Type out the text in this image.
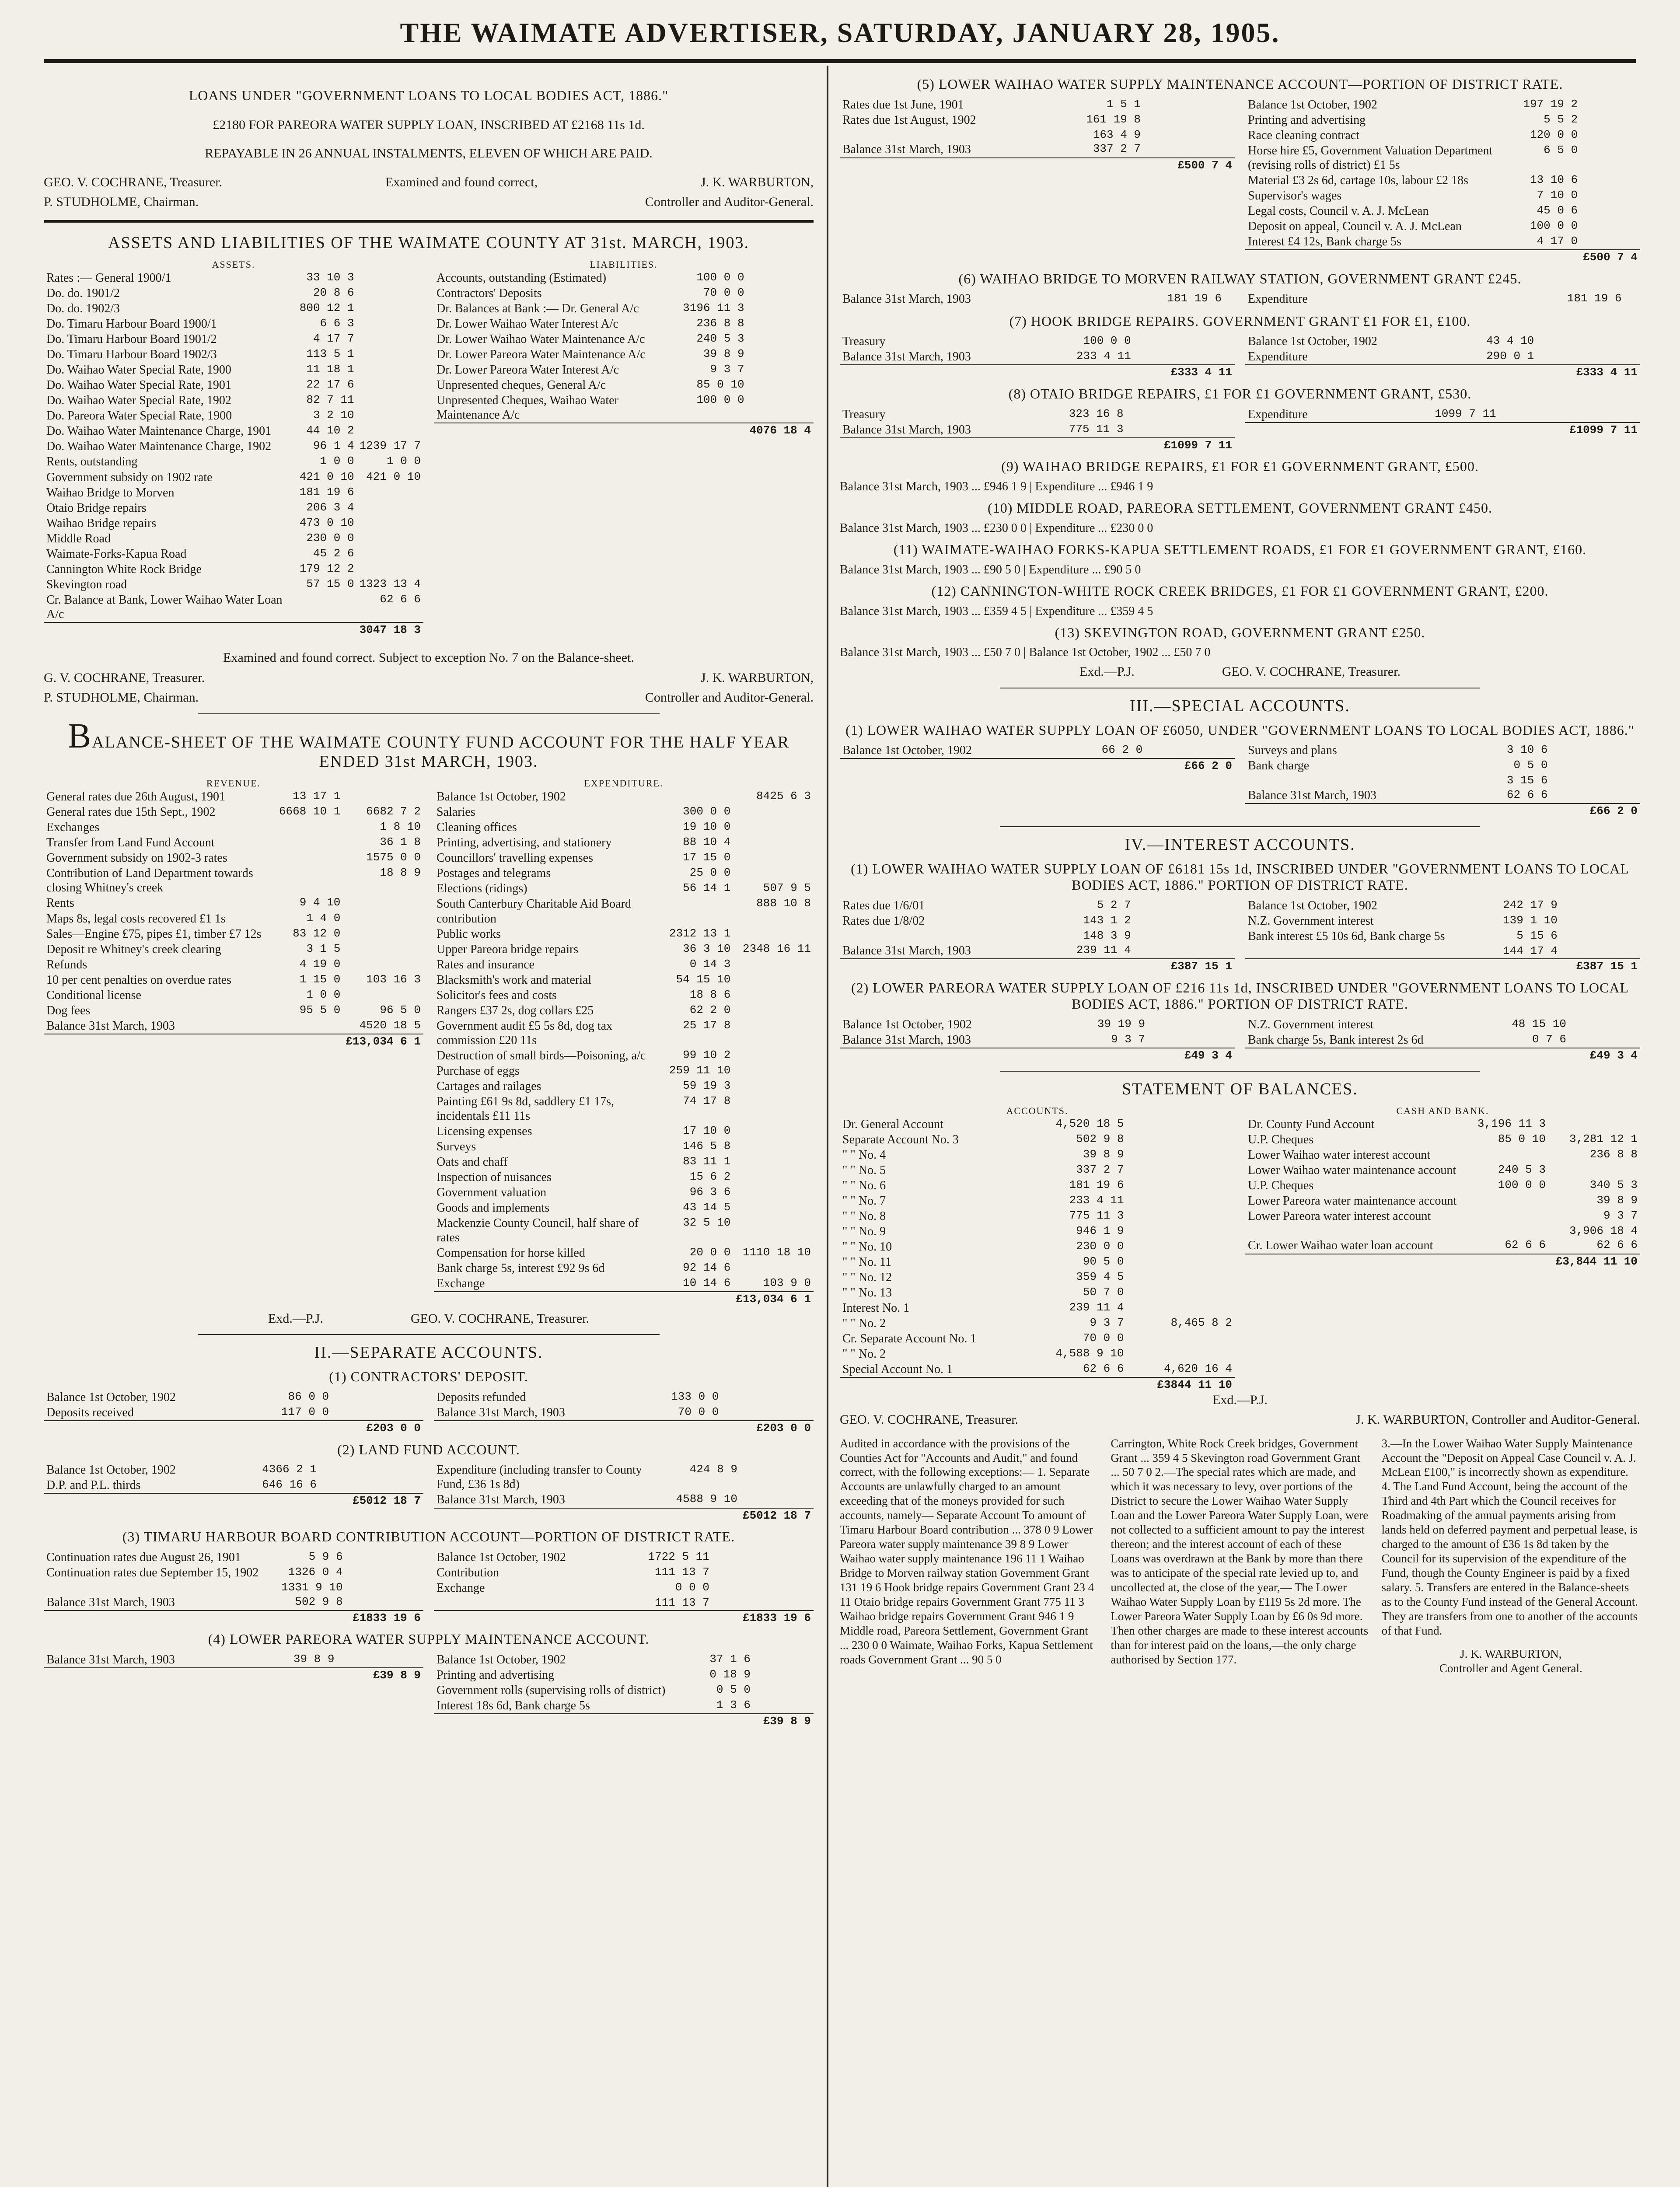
THE WAIMATE ADVERTISER, SATURDAY, JANUARY 28, 1905.
LOANS UNDER "GOVERNMENT LOANS TO LOCAL BODIES ACT, 1886."
£2180 FOR PAREORA WATER SUPPLY LOAN, INSCRIBED AT £2168 11s 1d.
REPAYABLE IN 26 ANNUAL INSTALMENTS, ELEVEN OF WHICH ARE PAID.
GEO. V. COCHRANE, Treasurer.	Examined and found correct,	J. K. WARBURTON,
P. STUDHOLME, Chairman.	Controller and Auditor-General.
ASSETS AND LIABILITIES OF THE WAIMATE COUNTY AT 31st. MARCH, 1903.
ASSETS.
Rates :— General 1900/1	33 10 3	
Do. do. 1901/2	20 8 6	
Do. do. 1902/3	800 12 1	
Do. Timaru Harbour Board 1900/1	6 6 3	
Do. Timaru Harbour Board 1901/2	4 17 7	
Do. Timaru Harbour Board 1902/3	113 5 1	
Do. Waihao Water Special Rate, 1900	11 18 1	
Do. Waihao Water Special Rate, 1901	22 17 6	
Do. Waihao Water Special Rate, 1902	82 7 11	
Do. Pareora Water Special Rate, 1900	3 2 10	
Do. Waihao Water Maintenance Charge, 1901	44 10 2	
Do. Waihao Water Maintenance Charge, 1902	96 1 4	1239 17 7
Rents, outstanding	1 0 0	1 0 0
Government subsidy on 1902 rate	421 0 10	421 0 10
Waihao Bridge to Morven	181 19 6	
Otaio Bridge repairs	206 3 4	
Waihao Bridge repairs	473 0 10	
Middle Road	230 0 0	
Waimate-Forks-Kapua Road	45 2 6	
Cannington White Rock Bridge	179 12 2	
Skevington road	57 15 0	1323 13 4
Cr. Balance at Bank, Lower Waihao Water Loan A/c		62 6 6
		3047 18 3
LIABILITIES.
Accounts, outstanding (Estimated)	100 0 0	
Contractors' Deposits	70 0 0	
Dr. Balances at Bank :— Dr. General A/c	3196 11 3	
Dr. Lower Waihao Water Interest A/c	236 8 8	
Dr. Lower Waihao Water Maintenance A/c	240 5 3	
Dr. Lower Pareora Water Maintenance A/c	39 8 9	
Dr. Lower Pareora Water Interest A/c	9 3 7	
Unpresented cheques, General A/c	85 0 10	
Unpresented Cheques, Waihao Water Maintenance A/c	100 0 0	
		4076 18 4
Examined and found correct. Subject to exception No. 7 on the Balance-sheet.
G. V. COCHRANE, Treasurer.	J. K. WARBURTON,
P. STUDHOLME, Chairman.	Controller and Auditor-General.
BALANCE-SHEET OF THE WAIMATE COUNTY FUND ACCOUNT FOR THE HALF YEAR ENDED 31st MARCH, 1903.
REVENUE.
General rates due 26th August, 1901	13 17 1	
General rates due 15th Sept., 1902	6668 10 1	6682 7 2
Exchanges		1 8 10
Transfer from Land Fund Account		36 1 8
Government subsidy on 1902-3 rates		1575 0 0
Contribution of Land Department towards closing Whitney's creek		18 8 9
Rents	9 4 10	
Maps 8s, legal costs recovered £1 1s	1 4 0	
Sales—Engine £75, pipes £1, timber £7 12s	83 12 0	
Deposit re Whitney's creek clearing	3 1 5	
Refunds	4 19 0	
10 per cent penalties on overdue rates	1 15 0	103 16 3
Conditional license	1 0 0	
Dog fees	95 5 0	96 5 0
Balance 31st March, 1903		4520 18 5
		£13,034 6 1
EXPENDITURE.
Balance 1st October, 1902		8425 6 3
Salaries	300 0 0	
Cleaning offices	19 10 0	
Printing, advertising, and stationery	88 10 4	
Councillors' travelling expenses	17 15 0	
Postages and telegrams	25 0 0	
Elections (ridings)	56 14 1	507 9 5
South Canterbury Charitable Aid Board contribution		888 10 8
Public works	2312 13 1	
Upper Pareora bridge repairs	36 3 10	2348 16 11
Rates and insurance	0 14 3	
Blacksmith's work and material	54 15 10	
Solicitor's fees and costs	18 8 6	
Rangers £37 2s, dog collars £25	62 2 0	
Government audit £5 5s 8d, dog tax commission £20 11s	25 17 8	
Destruction of small birds—Poisoning, a/c	99 10 2	
Purchase of eggs	259 11 10	
Cartages and railages	59 19 3	
Painting £61 9s 8d, saddlery £1 17s, incidentals £11 11s	74 17 8	
Licensing expenses	17 10 0	
Surveys	146 5 8	
Oats and chaff	83 11 1	
Inspection of nuisances	15 6 2	
Government valuation	96 3 6	
Goods and implements	43 14 5	
Mackenzie County Council, half share of rates	32 5 10	
Compensation for horse killed	20 0 0	1110 18 10
Bank charge 5s, interest £92 9s 6d	92 14 6	
Exchange	10 14 6	103 9 0
		£13,034 6 1
Exd.—P.J.	GEO. V. COCHRANE, Treasurer.
II.—SEPARATE ACCOUNTS.
(1) CONTRACTORS' DEPOSIT.
Balance 1st October, 1902	86 0 0	
Deposits received	117 0 0	
		£203 0 0
Deposits refunded	133 0 0	
Balance 31st March, 1903	70 0 0	
		£203 0 0
(2) LAND FUND ACCOUNT.
Balance 1st October, 1902	4366 2 1	
D.P. and P.L. thirds	646 16 6	
		£5012 18 7
Expenditure (including transfer to County Fund, £36 1s 8d)	424 8 9	
Balance 31st March, 1903	4588 9 10	
		£5012 18 7
(3) TIMARU HARBOUR BOARD CONTRIBUTION ACCOUNT—PORTION OF DISTRICT RATE.
Continuation rates due August 26, 1901	5 9 6	
Continuation rates due September 15, 1902	1326 0 4	
	1331 9 10	
Balance 31st March, 1903	502 9 8	
		£1833 19 6
Balance 1st October, 1902	1722 5 11	
Contribution	111 13 7	
Exchange	0 0 0	
	111 13 7	
		£1833 19 6
(4) LOWER PAREORA WATER SUPPLY MAINTENANCE ACCOUNT.
Balance 31st March, 1903	39 8 9	
		£39 8 9
Balance 1st October, 1902	37 1 6	
Printing and advertising	0 18 9	
Government rolls (supervising rolls of district)	0 5 0	
Interest 18s 6d, Bank charge 5s	1 3 6	
		£39 8 9
(5) LOWER WAIHAO WATER SUPPLY MAINTENANCE ACCOUNT—PORTION OF DISTRICT RATE.
Rates due 1st June, 1901	1 5 1	
Rates due 1st August, 1902	161 19 8	
	163 4 9	
Balance 31st March, 1903	337 2 7	
		£500 7 4
Balance 1st October, 1902	197 19 2	
Printing and advertising	5 5 2	
Race cleaning contract	120 0 0	
Horse hire £5, Government Valuation Department (revising rolls of district) £1 5s	6 5 0	
Material £3 2s 6d, cartage 10s, labour £2 18s	13 10 6	
Supervisor's wages	7 10 0	
Legal costs, Council v. A. J. McLean	45 0 6	
Deposit on appeal, Council v. A. J. McLean	100 0 0	
Interest £4 12s, Bank charge 5s	4 17 0	
		£500 7 4
(6) WAIHAO BRIDGE TO MORVEN RAILWAY STATION, GOVERNMENT GRANT £245.
Balance 31st March, 1903	181 19 6	Expenditure	181 19 6	
(7) HOOK BRIDGE REPAIRS. GOVERNMENT GRANT £1 FOR £1, £100.
Treasury	100 0 0	
Balance 31st March, 1903	233 4 11	
		£333 4 11
Balance 1st October, 1902	43 4 10	
Expenditure	290 0 1	
		£333 4 11
(8) OTAIO BRIDGE REPAIRS, £1 FOR £1 GOVERNMENT GRANT, £530.
Treasury	323 16 8	
Balance 31st March, 1903	775 11 3	
		£1099 7 11
Expenditure	1099 7 11	
		£1099 7 11
(9) WAIHAO BRIDGE REPAIRS, £1 FOR £1 GOVERNMENT GRANT, £500.
Balance 31st March, 1903 ... £946 1 9 | Expenditure ... £946 1 9
(10) MIDDLE ROAD, PAREORA SETTLEMENT, GOVERNMENT GRANT £450.
Balance 31st March, 1903 ... £230 0 0 | Expenditure ... £230 0 0
(11) WAIMATE-WAIHAO FORKS-KAPUA SETTLEMENT ROADS, £1 FOR £1 GOVERNMENT GRANT, £160.
Balance 31st March, 1903 ... £90 5 0 | Expenditure ... £90 5 0
(12) CANNINGTON-WHITE ROCK CREEK BRIDGES, £1 FOR £1 GOVERNMENT GRANT, £200.
Balance 31st March, 1903 ... £359 4 5 | Expenditure ... £359 4 5
(13) SKEVINGTON ROAD, GOVERNMENT GRANT £250.
Balance 31st March, 1903 ... £50 7 0 | Balance 1st October, 1902 ... £50 7 0
Exd.—P.J.	GEO. V. COCHRANE, Treasurer.
III.—SPECIAL ACCOUNTS.
(1) LOWER WAIHAO WATER SUPPLY LOAN OF £6050, UNDER "GOVERNMENT LOANS TO LOCAL BODIES ACT, 1886."
Balance 1st October, 1902	66 2 0	
		£66 2 0
Surveys and plans	3 10 6	
Bank charge	0 5 0	
	3 15 6	
Balance 31st March, 1903	62 6 6	
		£66 2 0
IV.—INTEREST ACCOUNTS.
(1) LOWER WAIHAO WATER SUPPLY LOAN OF £6181 15s 1d, INSCRIBED UNDER "GOVERNMENT LOANS TO LOCAL BODIES ACT, 1886." PORTION OF DISTRICT RATE.
Rates due 1/6/01	5 2 7	
Rates due 1/8/02	143 1 2	
	148 3 9	
Balance 31st March, 1903	239 11 4	
		£387 15 1
Balance 1st October, 1902	242 17 9	
N.Z. Government interest	139 1 10	
Bank interest £5 10s 6d, Bank charge 5s	5 15 6	
	144 17 4	
		£387 15 1
(2) LOWER PAREORA WATER SUPPLY LOAN OF £216 11s 1d, INSCRIBED UNDER "GOVERNMENT LOANS TO LOCAL BODIES ACT, 1886." PORTION OF DISTRICT RATE.
Balance 1st October, 1902	39 19 9	
Balance 31st March, 1903	9 3 7	
		£49 3 4
N.Z. Government interest	48 15 10	
Bank charge 5s, Bank interest 2s 6d	0 7 6	
		£49 3 4
STATEMENT OF BALANCES.
ACCOUNTS.
Dr. General Account	4,520 18 5	
Separate Account No. 3	502 9 8	
" " No. 4	39 8 9	
" " No. 5	337 2 7	
" " No. 6	181 19 6	
" " No. 7	233 4 11	
" " No. 8	775 11 3	
" " No. 9	946 1 9	
" " No. 10	230 0 0	
" " No. 11	90 5 0	
" " No. 12	359 4 5	
" " No. 13	50 7 0	
Interest No. 1	239 11 4	
" " No. 2	9 3 7	8,465 8 2
Cr. Separate Account No. 1	70 0 0	
" " No. 2	4,588 9 10	
Special Account No. 1	62 6 6	4,620 16 4
		£3844 11 10
CASH AND BANK.
Dr. County Fund Account	3,196 11 3	
U.P. Cheques	85 0 10	3,281 12 1
Lower Waihao water interest account		236 8 8
Lower Waihao water maintenance account	240 5 3	
U.P. Cheques	100 0 0	340 5 3
Lower Pareora water maintenance account		39 8 9
Lower Pareora water interest account		9 3 7
		3,906 18 4
Cr. Lower Waihao water loan account	62 6 6	62 6 6
		£3,844 11 10
Exd.—P.J.
GEO. V. COCHRANE, Treasurer.	J. K. WARBURTON, Controller and Auditor-General.
Audited in accordance with the provisions of the Counties Act for "Accounts and Audit," and found correct, with the following exceptions:— 1. Separate Accounts are unlawfully charged to an amount exceeding that of the moneys provided for such accounts, namely— Separate Account To amount of Timaru Harbour Board contribution ... 378 0 9 Lower Pareora water supply maintenance 39 8 9 Lower Waihao water supply maintenance 196 11 1 Waihao Bridge to Morven railway station Government Grant 131 19 6 Hook bridge repairs Government Grant 23 4 11 Otaio bridge repairs Government Grant 775 11 3 Waihao bridge repairs Government Grant 946 1 9 Middle road, Pareora Settlement, Government Grant ... 230 0 0 Waimate, Waihao Forks, Kapua Settlement roads Government Grant ... 90 5 0
Carrington, White Rock Creek bridges, Government Grant ... 359 4 5 Skevington road Government Grant ... 50 7 0 2.—The special rates which are made, and which it was necessary to levy, over portions of the District to secure the Lower Waihao Water Supply Loan and the Lower Pareora Water Supply Loan, were not collected to a sufficient amount to pay the interest thereon; and the interest account of each of these Loans was overdrawn at the Bank by more than there was to anticipate of the special rate levied up to, and uncollected at, the close of the year,— The Lower Waihao Water Supply Loan by £119 5s 2d more. The Lower Pareora Water Supply Loan by £6 0s 9d more. Then other charges are made to these interest accounts than for interest paid on the loans,—the only charge authorised by Section 177.
3.—In the Lower Waihao Water Supply Maintenance Account the "Deposit on Appeal Case Council v. A. J. McLean £100," is incorrectly shown as expenditure. 4. The Land Fund Account, being the account of the Third and 4th Part which the Council receives for Roadmaking of the annual payments arising from lands held on deferred payment and perpetual lease, is charged to the amount of £36 1s 8d taken by the Council for its supervision of the expenditure of the Fund, though the County Engineer is paid by a fixed salary. 5. Transfers are entered in the Balance-sheets as to the County Fund instead of the General Account. They are transfers from one to another of the accounts of that Fund.
J. K. WARBURTON,
Controller and Agent General.
